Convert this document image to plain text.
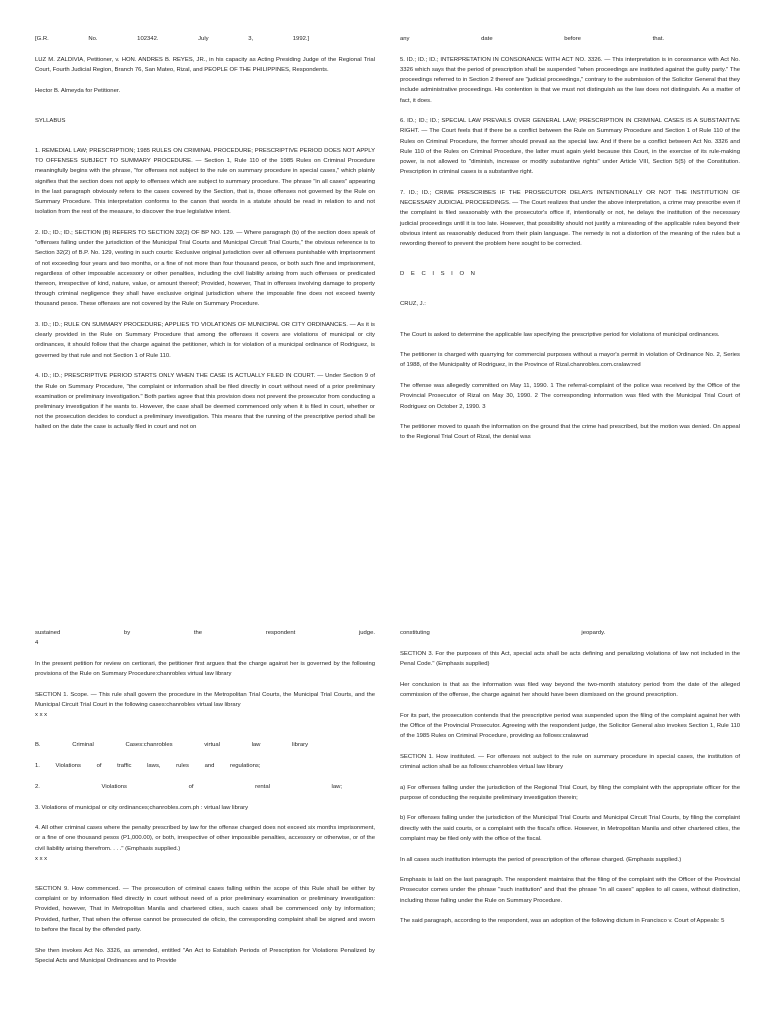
[G.R. No. 102342. July 3, 1992.]

LUZ M. ZALDIVIA, Petitioner, v. HON. ANDRES B. REYES, JR., in his capacity as Acting Presiding Judge of the Regional Trial Court, Fourth Judicial Region, Branch 76, San Mateo, Rizal, and PEOPLE OF THE PHILIPPINES, Respondents.

Hector B. Almeyda for Petitioner.

SYLLABUS

1. REMEDIAL LAW; PRESCRIPTION; 1985 RULES ON CRIMINAL PROCEDURE; PRESCRIPTIVE PERIOD DOES NOT APPLY TO OFFENSES SUBJECT TO SUMMARY PROCEDURE. — Section 1, Rule 110 of the 1985 Rules on Criminal Procedure meaningfully begins with the phrase, "for offenses not subject to the rule on summary procedure in special cases," which plainly signifies that the section does not apply to offenses which are subject to summary procedure. The phrase "in all cases" appearing in the last paragraph obviously refers to the cases covered by the Section, that is, those offenses not governed by the Rule on Summary Procedure. This interpretation conforms to the canon that words in a statute should be read in relation to and not isolation from the rest of the measure, to discover the true legislative intent.

2. ID.; ID.; ID.; SECTION (B) REFERS TO SECTION 32(2) OF BP NO. 129. — Where paragraph (b) of the section does speak of "offenses falling under the jurisdiction of the Municipal Trial Courts and Municipal Circuit Trial Courts," the obvious reference is to Section 32(2) of B.P. No. 129, vesting in such courts: Exclusive original jurisdiction over all offenses punishable with imprisonment of not exceeding four years and two months, or a fine of not more than four thousand pesos, or both such fine and imprisonment, regardless of other imposable accessory or other penalties, including the civil liability arising from such offenses or predicated thereon, irrespective of kind, nature, value, or amount thereof; Provided, however, That in offenses involving damage to property through criminal negligence they shall have exclusive original jurisdiction where the imposable fine does not exceed twenty thousand pesos. These offenses are not covered by the Rule on Summary Procedure.

3. ID.; ID.; RULE ON SUMMARY PROCEDURE; APPLIES TO VIOLATIONS OF MUNICIPAL OR CITY ORDINANCES. — As it is clearly provided in the Rule on Summary Procedure that among the offenses it covers are violations of municipal or city ordinances, it should follow that the charge against the petitioner, which is for violation of a municipal ordinance of Rodriguez, is governed by that rule and not Section 1 of Rule 110.

4. ID.; ID.; PRESCRIPTIVE PERIOD STARTS ONLY WHEN THE CASE IS ACTUALLY FILED IN COURT. — Under Section 9 of the Rule on Summary Procedure, "the complaint or information shall be filed directly in court without need of a prior preliminary examination or preliminary investigation." Both parties agree that this provision does not prevent the prosecutor from conducting a preliminary investigation if he wants to. However, the case shall be deemed commenced only when it is filed in court, whether or not the prosecution decides to conduct a preliminary investigation. This means that the running of the prescriptive period shall be halted on the date the case is actually filed in court and not on

any date before that.

5. ID.; ID.; ID.; INTERPRETATION IN CONSONANCE WITH ACT NO. 3326. — This interpretation is in consonance with Act No. 3326 which says that the period of prescription shall be suspended "when proceedings are instituted against the guilty party." The proceedings referred to in Section 2 thereof are "judicial proceedings," contrary to the submission of the Solicitor General that they include administrative proceedings. His contention is that we must not distinguish as the law does not distinguish. As a matter of fact, it does.

6. ID.; ID.; ID.; SPECIAL LAW PREVAILS OVER GENERAL LAW; PRESCRIPTION IN CRIMINAL CASES IS A SUBSTANTIVE RIGHT. — The Court feels that if there be a conflict between the Rule on Summary Procedure and Section 1 of Rule 110 of the Rules on Criminal Procedure, the former should prevail as the special law. And if there be a conflict between Act No. 3326 and Rule 110 of the Rules on Criminal Procedure, the latter must again yield because this Court, in the exercise of its rule-making power, is not allowed to "diminish, increase or modify substantive rights" under Article VIII, Section 5(5) of the Constitution. Prescription in criminal cases is a substantive right.

7. ID.; ID.; CRIME PRESCRIBES IF THE PROSECUTOR DELAYS INTENTIONALLY OR NOT THE INSTITUTION OF NECESSARY JUDICIAL PROCEEDINGS. — The Court realizes that under the above interpretation, a crime may prescribe even if the complaint is filed seasonably with the prosecutor's office if, intentionally or not, he delays the institution of the necessary judicial proceedings until it is too late. However, that possibility should not justify a misreading of the applicable rules beyond their obvious intent as reasonably deduced from their plain language. The remedy is not a distortion of the meaning of the rules but a rewording thereof to prevent the problem here sought to be corrected.

D E C I S I O N

CRUZ, J.:

The Court is asked to determine the applicable law specifying the prescriptive period for violations of municipal ordinances.

The petitioner is charged with quarrying for commercial purposes without a mayor's permit in violation of Ordinance No. 2, Series of 1988, of the Municipality of Rodriguez, in the Province of Rizal.chanrobles.com.cralaw:red

The offense was allegedly committed on May 11, 1990. 1 The referral-complaint of the police was received by the Office of the Provincial Prosecutor of Rizal on May 30, 1990. 2 The corresponding information was filed with the Municipal Trial Court of Rodriguez on October 2, 1990. 3

The petitioner moved to quash the information on the ground that the crime had prescribed, but the motion was denied. On appeal to the Regional Trial Court of Rizal, the denial was

sustained by the respondent judge. 4

In the present petition for review on certiorari, the petitioner first argues that the charge against her is governed by the following provisions of the Rule on Summary Procedure:chanrobles virtual law library

SECTION 1. Scope. — This rule shall govern the procedure in the Metropolitan Trial Courts, the Municipal Trial Courts, and the Municipal Circuit Trial Court in the following cases:chanrobles virtual law library

x x x

B. Criminal Cases:chanrobles virtual law library

1. Violations of traffic laws, rules and regulations;

2. Violations of rental law;

3. Violations of municipal or city ordinances;chanrobles.com.ph : virtual law library

4. All other criminal cases where the penalty prescribed by law for the offense charged does not exceed six months imprisonment, or a fine of one thousand pesos (P1,000.00), or both, irrespective of other impossible penalties, accessory or otherwise, or of the civil liability arising therefrom. . . ." (Emphasis supplied.)

x x x

SECTION 9. How commenced. — The prosecution of criminal cases falling within the scope of this Rule shall be either by complaint or by information filed directly in court without need of a prior preliminary examination or preliminary investigation: Provided, however, That in Metropolitan Manila and chartered cities, such cases shall be commenced only by information; Provided, further, That when the offense cannot be prosecuted de oficio, the corresponding complaint shall be signed and sworn to before the fiscal by the offended party.

She then invokes Act No. 3326, as amended, entitled "An Act to Establish Periods of Prescription for Violations Penalized by Special Acts and Municipal Ordinances and to Provide

constituting jeopardy.

SECTION 3. For the purposes of this Act, special acts shall be acts defining and penalizing violations of law not included in the Penal Code." (Emphasis supplied)

Her conclusion is that as the information was filed way beyond the two-month statutory period from the date of the alleged commission of the offense, the charge against her should have been dismissed on the ground prescription.

For its part, the prosecution contends that the prescriptive period was suspended upon the filing of the complaint against her with the Office of the Provincial Prosecutor. Agreeing with the respondent judge, the Solicitor General also invokes Section 1, Rule 110 of the 1985 Rules on Criminal Procedure, providing as follows:cralawrad

SECTION 1. How instituted. — For offenses not subject to the rule on summary procedure in special cases, the institution of criminal action shall be as follows:chanrobles virtual law library

a) For offenses falling under the jurisdiction of the Regional Trial Court, by filing the complaint with the appropriate officer for the purpose of conducting the requisite preliminary investigation therein;

b) For offenses falling under the jurisdiction of the Municipal Trial Courts and Municipal Circuit Trial Courts, by filing the complaint directly with the said courts, or a complaint with the fiscal's office. However, in Metropolitan Manila and other chartered cities, the complaint may be filed only with the office of the fiscal.

In all cases such institution interrupts the period of prescription of the offense charged. (Emphasis supplied.)

Emphasis is laid on the last paragraph. The respondent maintains that the filing of the complaint with the Officer of the Provincial Prosecutor comes under the phrase "such institution" and that the phrase "in all cases" applies to all cases, without distinction, including those falling under the Rule on Summary Procedure.

The said paragraph, according to the respondent, was an adoption of the following dictum in Francisco v. Court of Appeals: 5
